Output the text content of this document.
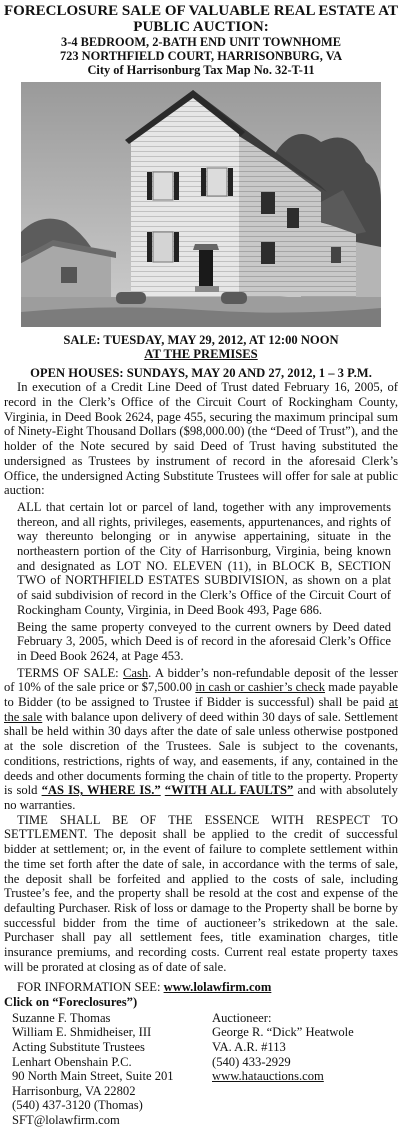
FORECLOSURE SALE OF VALUABLE REAL ESTATE AT PUBLIC AUCTION:
3-4 BEDROOM, 2-BATH END UNIT TOWNHOME
723 NORTHFIELD COURT, HARRISONBURG, VA
City of Harrisonburg Tax Map No. 32-T-11
SALE: TUESDAY, MAY 29, 2012, AT 12:00 NOON
AT THE PREMISES
OPEN HOUSES: SUNDAYS, MAY 20 AND 27, 2012, 1 – 3 P.M.

In execution of a Credit Line Deed of Trust dated February 16, 2005, of record in the Clerk’s Office of the Circuit Court of Rockingham County, Virginia, in Deed Book 2624, page 455, securing the maximum principal sum of Ninety-Eight Thousand Dollars ($98,000.00) (the “Deed of Trust”), and the holder of the Note secured by said Deed of Trust having substituted the undersigned as Trustees by instrument of record in the aforesaid Clerk’s Office, the undersigned Acting Substitute Trustees will offer for sale at public auction:

ALL that certain lot or parcel of land, together with any improvements thereon, and all rights, privileges, easements, appurtenances, and rights of way thereunto belonging or in anywise appertaining, situate in the northeastern portion of the City of Harrisonburg, Virginia, being known and designated as LOT NO. ELEVEN (11), in BLOCK B, SECTION TWO of NORTHFIELD ESTATES SUBDIVISION, as shown on a plat of said subdivision of record in the Clerk’s Office of the Circuit Court of Rockingham County, Virginia, in Deed Book 493, Page 686.

Being the same property conveyed to the current owners by Deed dated February 3, 2005, which Deed is of record in the aforesaid Clerk’s Office in Deed Book 2624, at Page 453.

TERMS OF SALE: Cash. A bidder’s non-refundable deposit of the lesser of 10% of the sale price or $7,500.00 in cash or cashier’s check made payable to Bidder (to be assigned to Trustee if Bidder is successful) shall be paid at the sale with balance upon delivery of deed within 30 days of sale. Settlement shall be held within 30 days after the date of sale unless otherwise postponed at the sole discretion of the Trustees. Sale is subject to the covenants, conditions, restrictions, rights of way, and easements, if any, contained in the deeds and other documents forming the chain of title to the property. Property is sold “AS IS, WHERE IS.” “WITH ALL FAULTS” and with absolutely no warranties.

TIME SHALL BE OF THE ESSENCE WITH RESPECT TO SETTLEMENT. The deposit shall be applied to the credit of successful bidder at settlement; or, in the event of failure to complete settlement within the time set forth after the date of sale, in accordance with the terms of sale, the deposit shall be forfeited and applied to the costs of sale, including Trustee’s fee, and the property shall be resold at the cost and expense of the defaulting Purchaser. Risk of loss or damage to the Property shall be borne by successful bidder from the time of auctioneer’s strikedown at the sale. Purchaser shall pay all settlement fees, title examination charges, title insurance premiums, and recording costs. Current real estate property taxes will be prorated at closing as of date of sale.

FOR INFORMATION SEE: www.lolawfirm.com
Click on “Foreclosures”)
Suzanne F. Thomas
William E. Shmidheiser, III
Acting Substitute Trustees
Lenhart Obenshain P.C.
90 North Main Street, Suite 201
Harrisonburg, VA 22802
(540) 437-3120 (Thomas)
SFT@lolawfirm.com
Auctioneer:
George R. “Dick” Heatwole
VA. A.R. #113
(540) 433-2929
www.hatauctions.com
